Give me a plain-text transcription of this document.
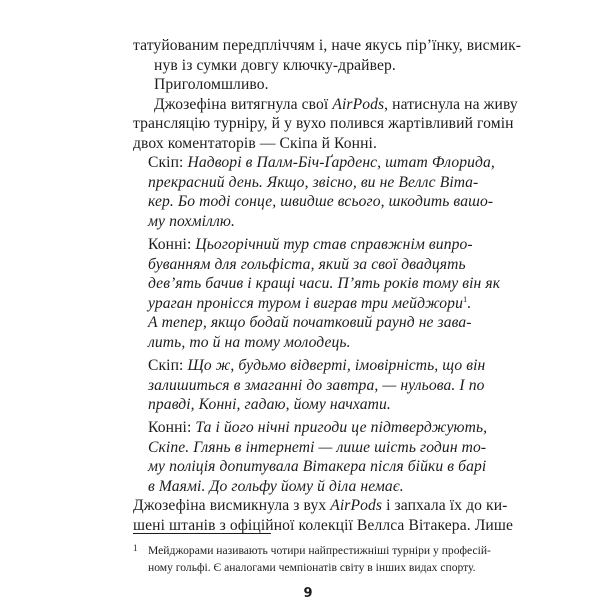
татуйованим передпліччям і, наче якусь пір’їнку, висмик-
нув із сумки довгу ключку-драйвер.
Приголомшливо.
Джозефіна витягнула свої AirPods, натиснула на живу
трансляцію турніру, й у вухо полився жартівливий гомін
двох коментаторів — Скіпа й Конні.
Скіп: Надворі в Палм-Біч-Ґарденс, штат Флорида,
прекрасний день. Якщо, звісно, ви не Веллс Вітa-
кер. Бо тоді сонце, швидше всього, шкодить вашо-
му похміллю.
Конні: Цьогорічний тур став справжнім випро-
буванням для гольфіста, який за свої двадцять
дев’ять бачив і кращі часи. П’ять років тому він як
ураган пронісся туром і виграв три мейджори$^1$.
А тепер, якщо бодай початковий раунд не зава-
лить, то й на тому молодець.
Скіп: Що ж, будьмо відверті, імовірність, що він
залишиться в змаганні до завтра, — нульова. І по
правді, Конні, гадаю, йому начхати.
Конні: Та і його нічні пригоди це підтверджують,
Скіпе. Глянь в інтернеті — лише шість годин то-
му поліція допитувала Вітакера після бійки в барі
в Маямі. До гольфу йому й діла немає.
Джозефіна висмикнула з вух AirPods і запхала їх до ки-
шені штанів з офіційної колекції Веллса Вітакера. Лише
1 Мейджорами називають чотири найпрестижніші турніри у професій-
ному гольфі. Є аналогами чемпіонатів світу в інших видах спорту.
9
